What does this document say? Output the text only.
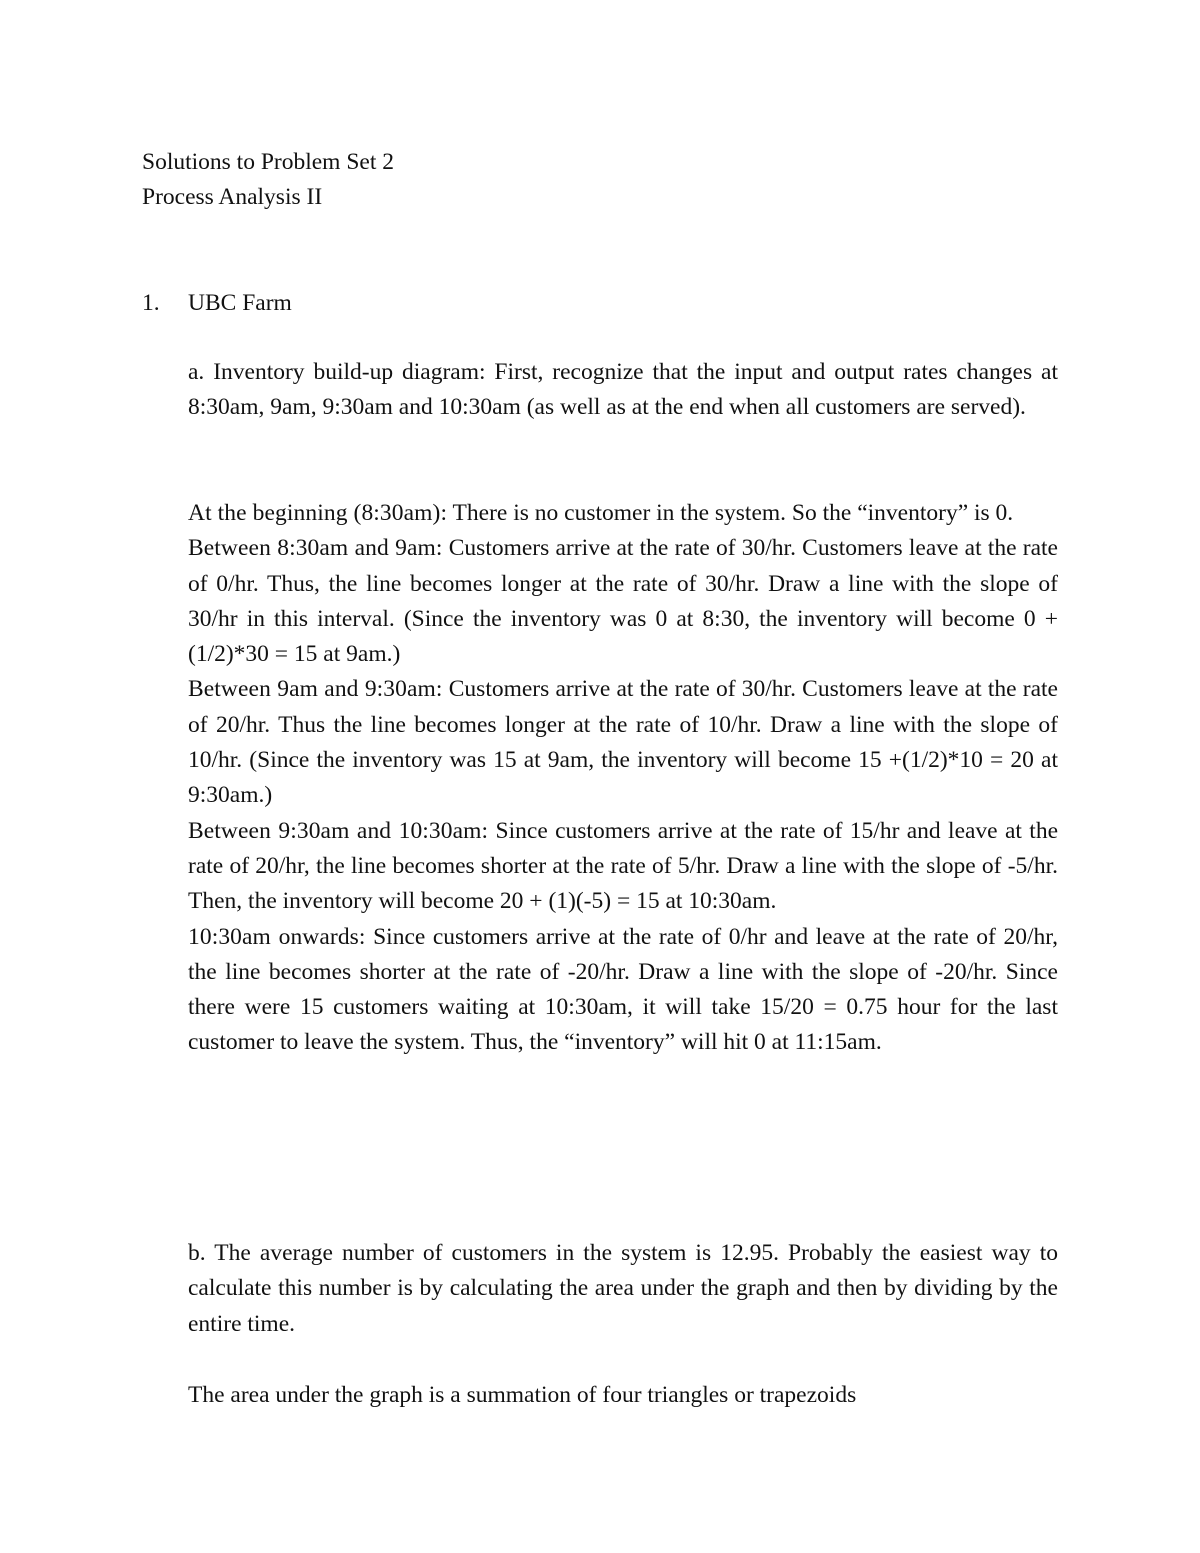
Solutions to Problem Set 2
Process Analysis II
1. UBC Farm

a. Inventory build-up diagram: First, recognize that the input and output rates changes at 8:30am, 9am, 9:30am and 10:30am (as well as at the end when all customers are served).

At the beginning (8:30am): There is no customer in the system. So the “inventory” is 0.

Between 8:30am and 9am: Customers arrive at the rate of 30/hr. Customers leave at the rate of 0/hr. Thus, the line becomes longer at the rate of 30/hr. Draw a line with the slope of 30/hr in this interval. (Since the inventory was 0 at 8:30, the inventory will become 0 + (1/2)*30 = 15 at 9am.)

Between 9am and 9:30am: Customers arrive at the rate of 30/hr. Customers leave at the rate of 20/hr. Thus the line becomes longer at the rate of 10/hr. Draw a line with the slope of 10/hr. (Since the inventory was 15 at 9am, the inventory will become 15 +(1/2)*10 = 20 at 9:30am.)

Between 9:30am and 10:30am: Since customers arrive at the rate of 15/hr and leave at the rate of 20/hr, the line becomes shorter at the rate of 5/hr. Draw a line with the slope of -5/hr. Then, the inventory will become 20 + (1)(-5) = 15 at 10:30am.

10:30am onwards: Since customers arrive at the rate of 0/hr and leave at the rate of 20/hr, the line becomes shorter at the rate of -20/hr. Draw a line with the slope of -20/hr. Since there were 15 customers waiting at 10:30am, it will take 15/20 = 0.75 hour for the last customer to leave the system. Thus, the “inventory” will hit 0 at 11:15am.

b. The average number of customers in the system is 12.95. Probably the easiest way to calculate this number is by calculating the area under the graph and then by dividing by the entire time.

The area under the graph is a summation of four triangles or trapezoids
